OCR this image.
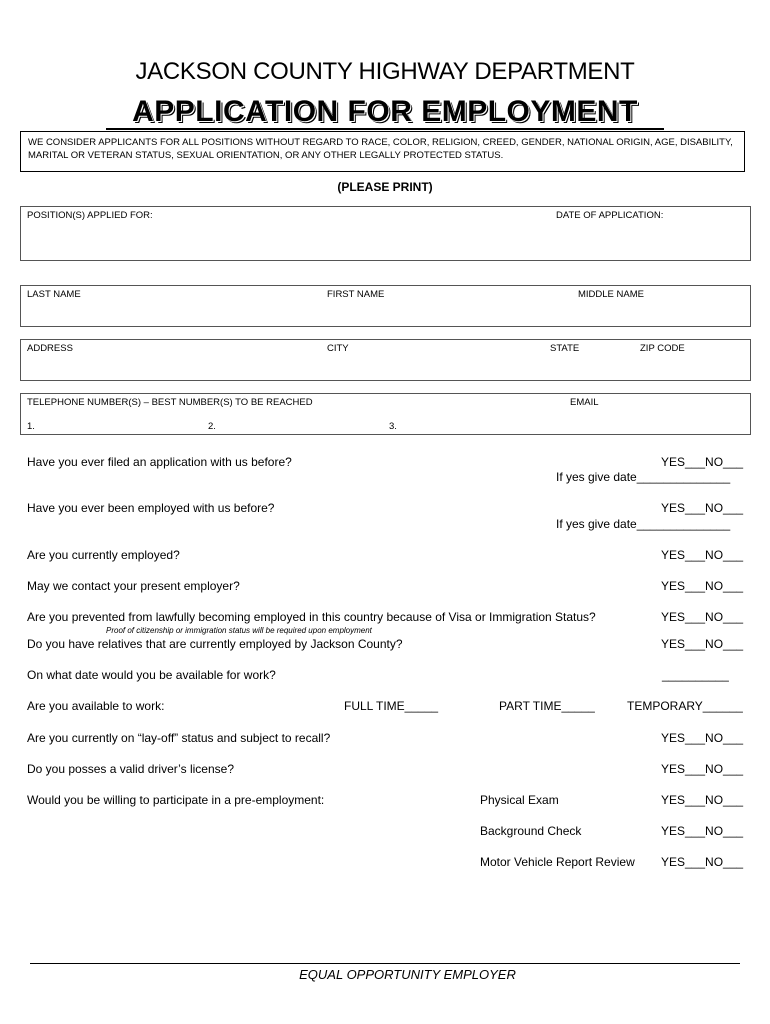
JACKSON COUNTY HIGHWAY DEPARTMENT
APPLICATION FOR EMPLOYMENT
WE CONSIDER APPLICANTS FOR ALL POSITIONS WITHOUT REGARD TO RACE, COLOR, RELIGION, CREED, GENDER, NATIONAL ORIGIN, AGE, DISABILITY, MARITAL OR VETERAN STATUS, SEXUAL ORIENTATION, OR ANY OTHER LEGALLY PROTECTED STATUS.
(PLEASE PRINT)
POSITION(S) APPLIED FOR:	DATE OF APPLICATION:
LAST NAME	FIRST NAME	MIDDLE NAME
ADDRESS	CITY	STATE	ZIP CODE
TELEPHONE NUMBER(S) – BEST NUMBER(S) TO BE REACHED	EMAIL
1.	2.	3.
Have you ever filed an application with us before?	YES___NO___
If yes give date______________
Have you ever been employed with us before?	YES___NO___
If yes give date______________
Are you currently employed?	YES___NO___
May we contact your present employer?	YES___NO___
Are you prevented from lawfully becoming employed in this country because of Visa or Immigration Status?	YES___NO___
Proof of citizenship or immigration status will be required upon employment
Do you have relatives that are currently employed by Jackson County?	YES___NO___
On what date would you be available for work?	__________
Are you available to work:	FULL TIME_____	PART TIME_____	TEMPORARY______
Are you currently on “lay-off” status and subject to recall?	YES___NO___
Do you posses a valid driver’s license?	YES___NO___
Would you be willing to participate in a pre-employment:	Physical Exam	YES___NO___
Background Check	YES___NO___
Motor Vehicle Report Review YES___NO___
EQUAL OPPORTUNITY EMPLOYER
